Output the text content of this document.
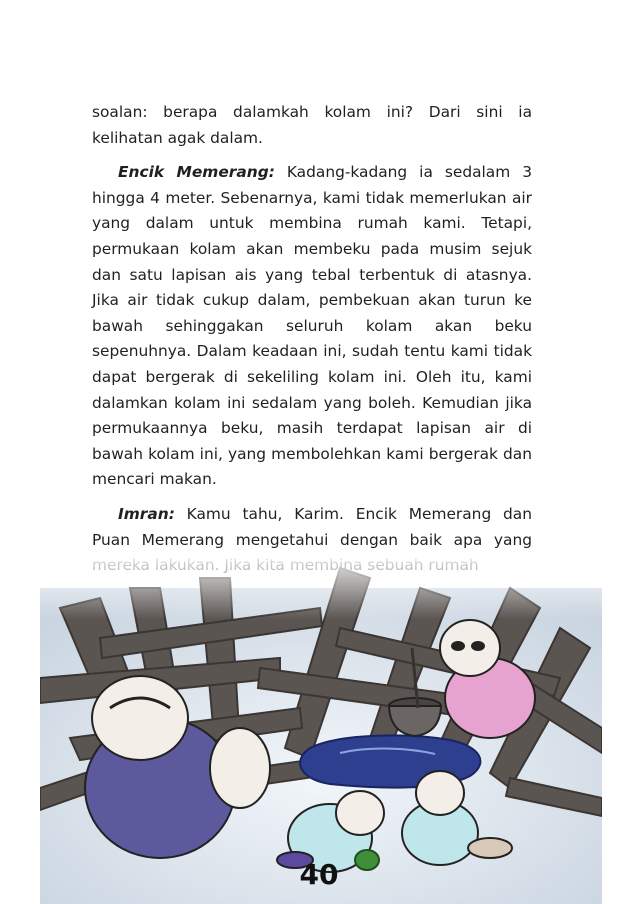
soalan: berapa dalamkah kolam ini? Dari sini ia kelihatan agak dalam.

Encik Memerang: Kadang-kadang ia sedalam 3 hingga 4 meter. Sebenarnya, kami tidak memerlukan air yang dalam untuk membina rumah kami. Tetapi, permukaan kolam akan membeku pada musim sejuk dan satu lapisan ais yang tebal terbentuk di atasnya. Jika air tidak cukup dalam, pembekuan akan turun ke bawah sehinggakan seluruh kolam akan beku sepenuhnya. Dalam keadaan ini, sudah tentu kami tidak dapat bergerak di sekeliling kolam ini. Oleh itu, kami dalamkan kolam ini sedalam yang boleh. Kemudian jika permukaannya beku, masih terdapat lapisan air di bawah kolam ini, yang membolehkan kami bergerak dan mencari makan.

Imran: Kamu tahu, Karim. Encik Memerang dan Puan Memerang mengetahui dengan baik apa yang

40
